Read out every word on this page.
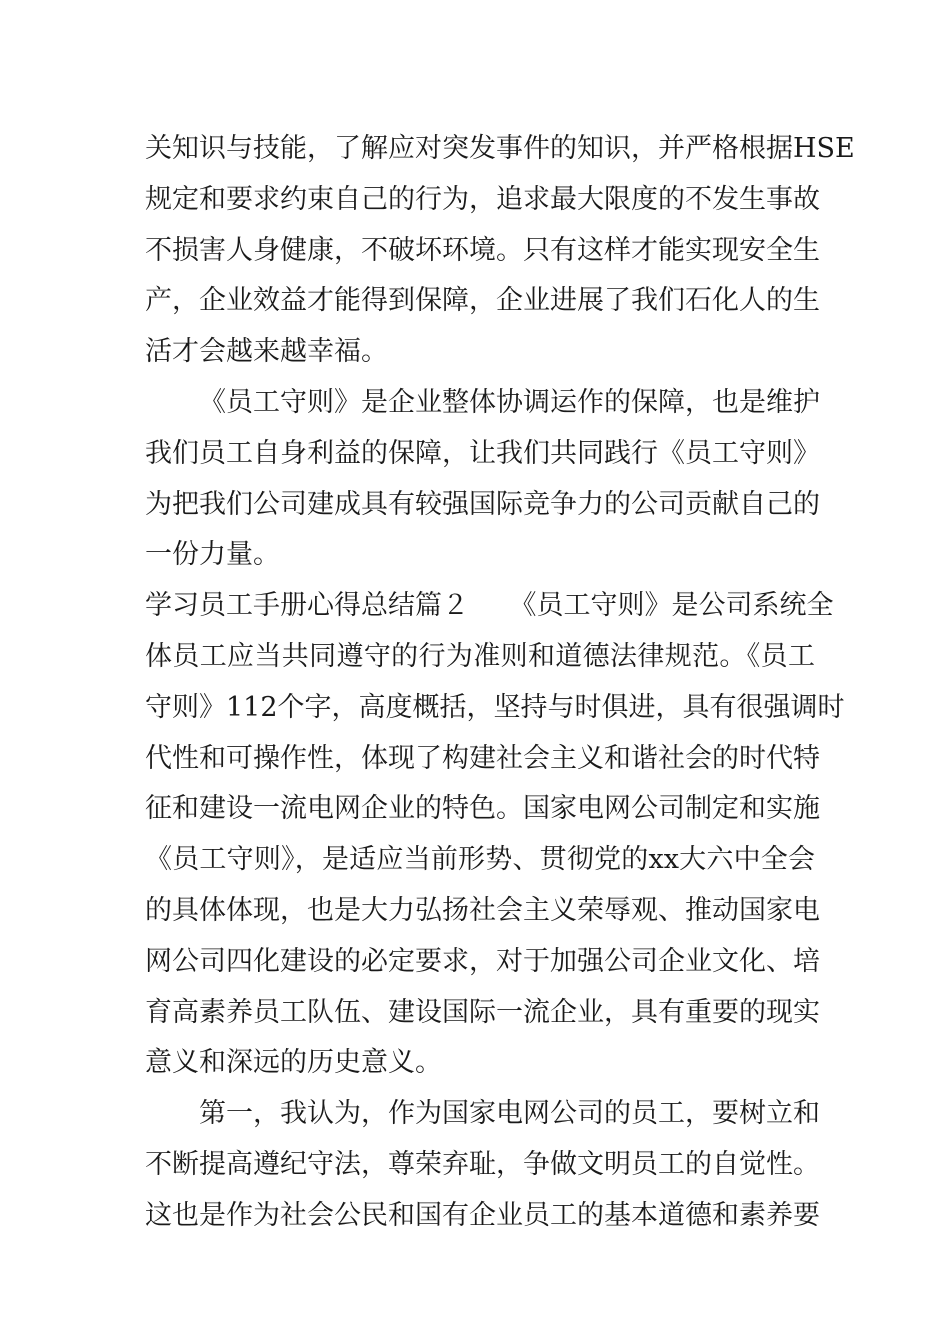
关知识与技能，了解应对突发事件的知识，并严格根据HSE
规定和要求约束自己的行为，追求最大限度的不发生事故
不损害人身健康，不破坏环境。只有这样才能实现安全生
产，企业效益才能得到保障，企业进展了我们石化人的生
活才会越来越幸福。
《员工守则》是企业整体协调运作的保障，也是维护
我们员工自身利益的保障，让我们共同践行《员工守则》
为把我们公司建成具有较强国际竞争力的公司贡献自己的
一份力量。
学习员工手册心得总结篇２　　《员工守则》是公司系统全
体员工应当共同遵守的行为准则和道德法律规范。《员工
守则》112个字，高度概括，坚持与时俱进，具有很强调时
代性和可操作性，体现了构建社会主义和谐社会的时代特
征和建设一流电网企业的特色。国家电网公司制定和实施
《员工守则》，是适应当前形势、贯彻党的xx大六中全会
的具体体现，也是大力弘扬社会主义荣辱观、推动国家电
网公司四化建设的必定要求，对于加强公司企业文化、培
育高素养员工队伍、建设国际一流企业，具有重要的现实
意义和深远的历史意义。
第一，我认为，作为国家电网公司的员工，要树立和
不断提高遵纪守法，尊荣弃耻，争做文明员工的自觉性。
这也是作为社会公民和国有企业员工的基本道德和素养要
